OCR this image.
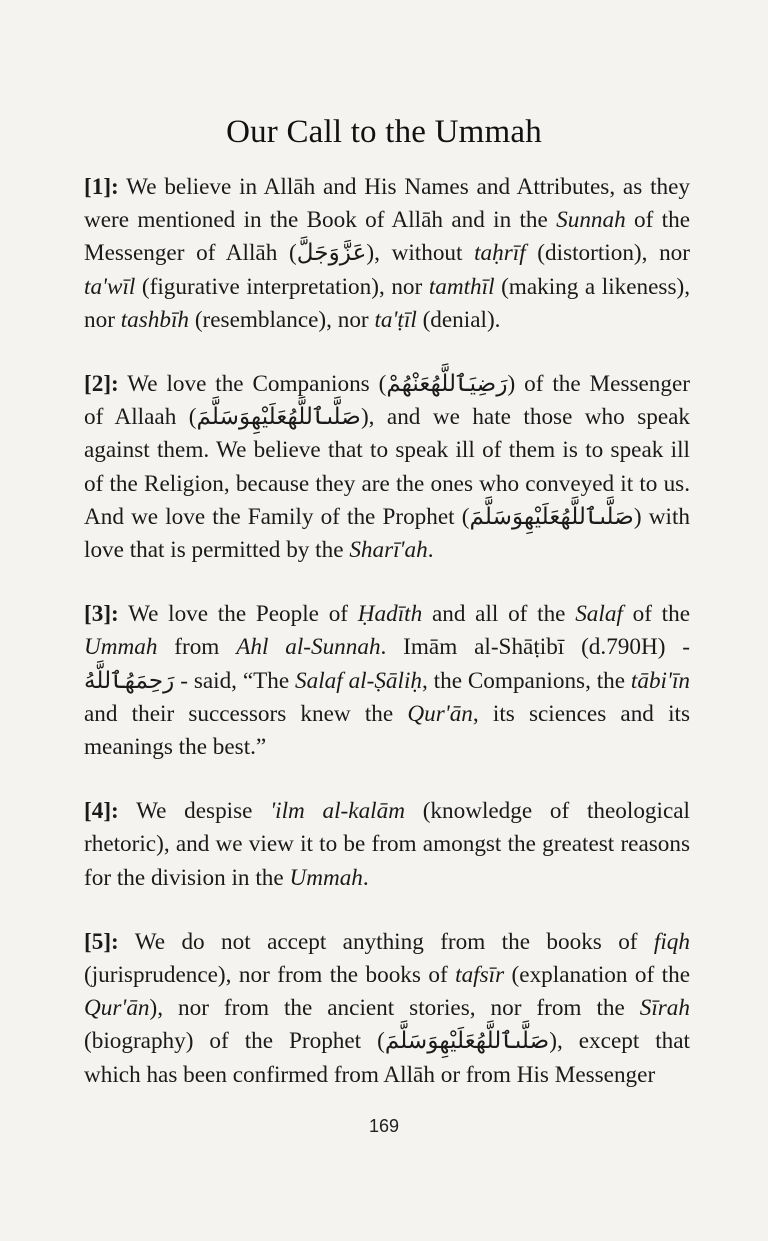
Our Call to the Ummah

[1]: We believe in Allāh and His Names and Attributes, as they were mentioned in the Book of Allāh and in the Sunnah of the Messenger of Allāh (عَزَّوَجَلَّ), without taḥrīf (distortion), nor ta'wīl (figurative interpretation), nor tamthīl (making a likeness), nor tashbīh (resemblance), nor ta'ṭīl (denial).

[2]: We love the Companions (رَضِيَٱللَّهُعَنْهُمْ) of the Messenger of Allaah (صَلَّىٱللَّهُعَلَيْهِوَسَلَّمَ), and we hate those who speak against them. We believe that to speak ill of them is to speak ill of the Religion, because they are the ones who conveyed it to us. And we love the Family of the Prophet (صَلَّىٱللَّهُعَلَيْهِوَسَلَّمَ) with love that is permitted by the Sharī'ah.

[3]: We love the People of Ḥadīth and all of the Salaf of the Ummah from Ahl al-Sunnah. Imām al-Shāṭibī (d.790H) - رَحِمَهُٱللَّهُ - said, “The Salaf al-Ṣāliḥ, the Companions, the tābi'īn and their successors knew the Qur'ān, its sciences and its meanings the best.”

[4]: We despise 'ilm al-kalām (knowledge of theological rhetoric), and we view it to be from amongst the greatest reasons for the division in the Ummah.

[5]: We do not accept anything from the books of fiqh (jurisprudence), nor from the books of tafsīr (explanation of the Qur'ān), nor from the ancient stories, nor from the Sīrah (biography) of the Prophet (صَلَّىٱللَّهُعَلَيْهِوَسَلَّمَ), except that which has been confirmed from Allāh or from His Messenger

169
